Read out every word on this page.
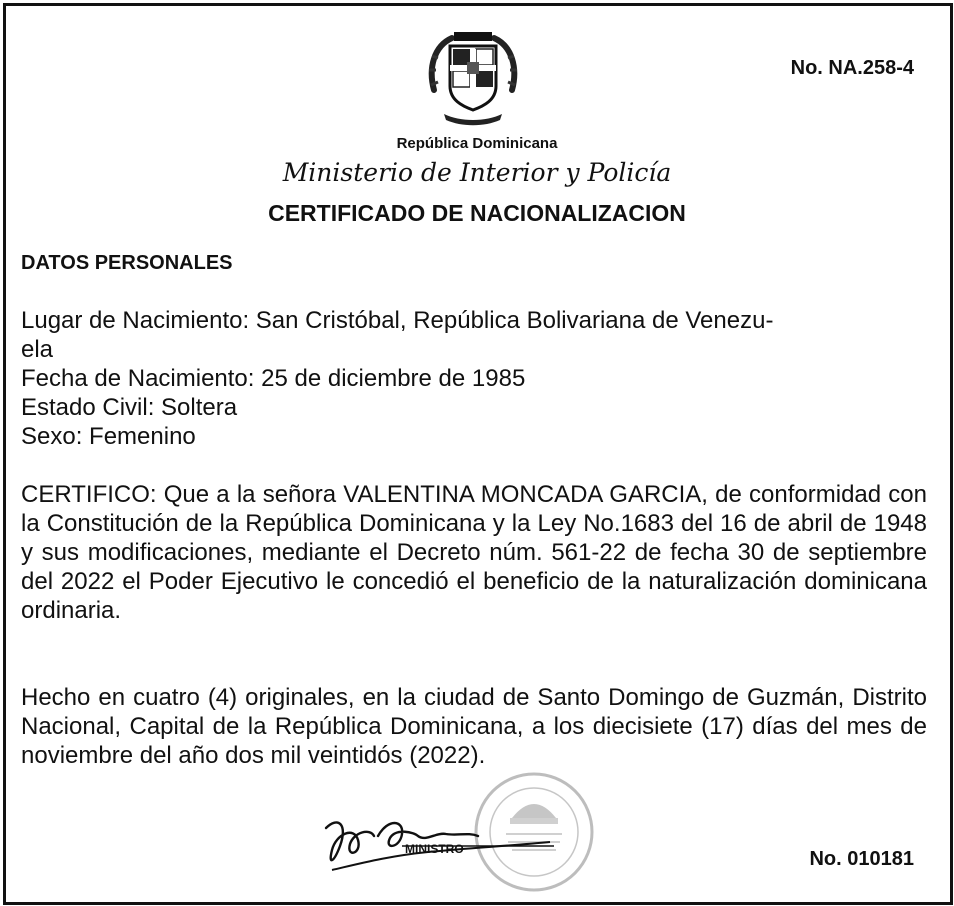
No. NA.258-4
República Dominicana
Ministerio de Interior y Policía
CERTIFICADO DE NACIONALIZACION
DATOS PERSONALES
Lugar de Nacimiento: San Cristóbal, República Bolivariana de Venezu-
ela
Fecha de Nacimiento: 25 de diciembre de 1985
Estado Civil: Soltera
Sexo: Femenino
CERTIFICO: Que a la señora VALENTINA MONCADA GARCIA, de conformidad con la Constitución de la República Dominicana y la Ley No.1683 del 16 de abril de 1948 y sus modificaciones, mediante el Decreto núm. 561-22 de fecha 30 de septiembre del 2022 el Poder Ejecutivo le concedió el beneficio de la naturalización dominicana ordinaria.
Hecho en cuatro (4) originales, en la ciudad de Santo Domingo de Guzmán, Distrito Nacional, Capital de la República Dominicana, a los diecisiete (17) días del mes de noviembre del año dos mil veintidós (2022).
MINISTRO	No. 010181
